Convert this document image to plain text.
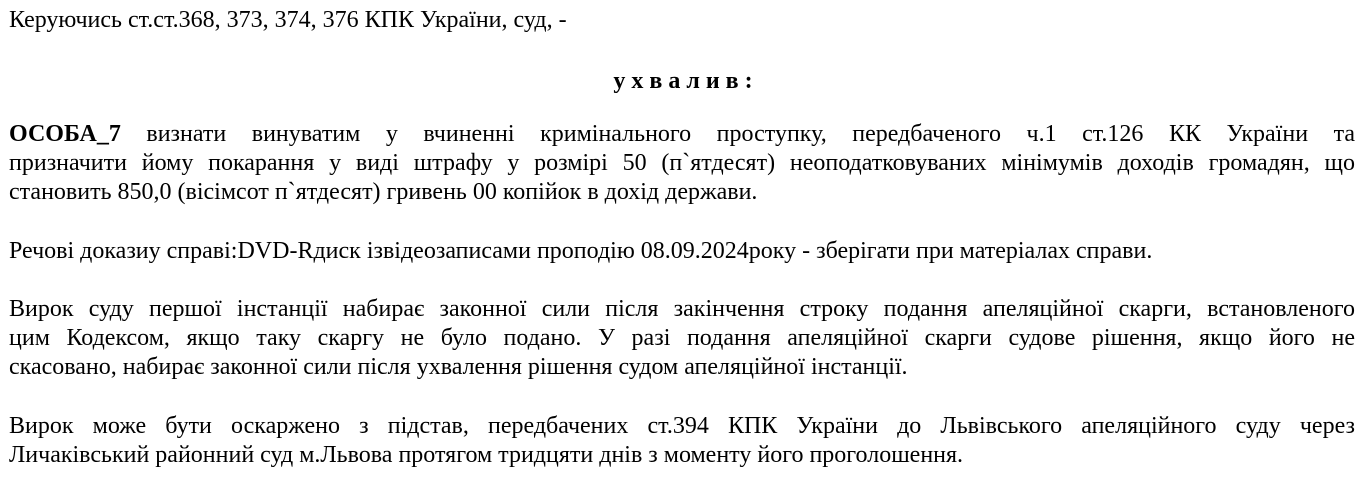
Керуючись ст.ст.368, 373, 374, 376 КПК України, суд, -
у х в а л и в :
ОСОБА_7 визнати винуватим у вчиненні кримінального проступку, передбаченого ч.1 ст.126 КК України та
призначити йому покарання у виді штрафу у розмірі 50 (п`ятдесят) неоподатковуваних мінімумів доходів громадян, що
становить 850,0 (вісімсот п`ятдесят) гривень 00 копійок в дохід держави.
Речові доказиу справі:DVD-Rдиск ізвідеозаписами проподію 08.09.2024року - зберігати при матеріалах справи.
Вирок суду першої інстанції набирає законної сили після закінчення строку подання апеляційної скарги, встановленого
цим Кодексом, якщо таку скаргу не було подано. У разі подання апеляційної скарги судове рішення, якщо його не
скасовано, набирає законної сили після ухвалення рішення судом апеляційної інстанції.
Вирок може бути оскаржено з підстав, передбачених ст.394 КПК України до Львівського апеляційного суду через
Личаківський районний суд м.Львова протягом тридцяти днів з моменту його проголошення.
